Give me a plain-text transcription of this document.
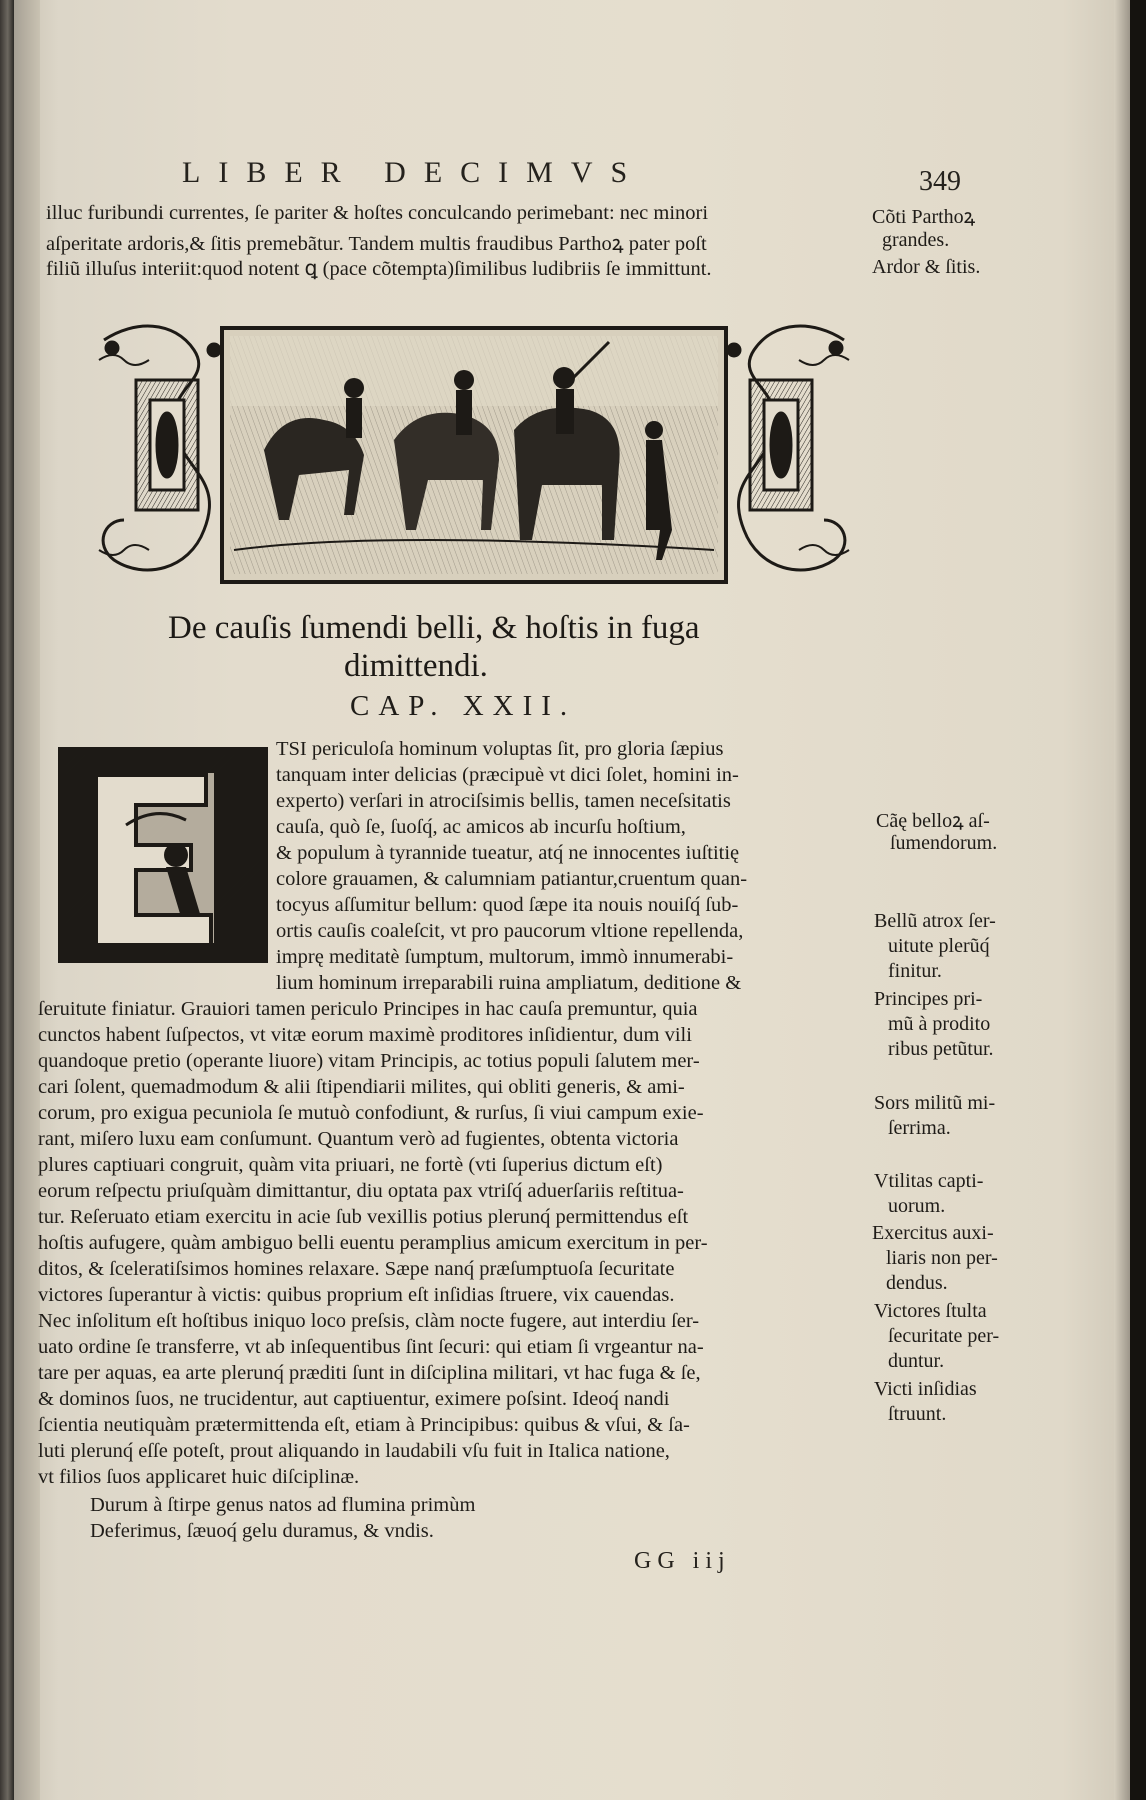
LIBER DECIMVS	349
illuc furibundi currentes, ſe pariter & hoſtes conculcando perimebant: nec minori
aſperitate ardoris,& ſitis premebãtur. Tandem multis fraudibus Parthoꝝ pater poſt
filiũ illuſus interiit:quod notent ꝗ (pace cõtempta)ſimilibus ludibriis ſe immittunt.
Cõti Parthoꝝ
grandes.
Ardor & ſitis.
De cauſis ſumendi belli, & hoſtis in fuga
dimittendi.
CAP. XXII.
TSI periculoſa hominum voluptas ſit, pro gloria ſæpius
tanquam inter delicias (præcipuè vt dici ſolet, homini in-
experto) verſari in atrociſsimis bellis, tamen neceſsitatis
cauſa, quò ſe, ſuoſq́, ac amicos ab incurſu hoſtium,
& populum à tyrannide tueatur, atq́ ne innocentes iuſtitię
colore grauamen, & calumniam patiantur,cruentum quan-
tocyus aſſumitur bellum: quod ſæpe ita nouis nouiſq́ ſub-
ortis cauſis coaleſcit, vt pro paucorum vltione repellenda,
imprę meditatè ſumptum, multorum, immò innumerabi-
lium hominum irreparabili ruina ampliatum, deditione &
ſeruitute finiatur. Grauiori tamen periculo Principes in hac cauſa premuntur, quia
cunctos habent ſuſpectos, vt vitæ eorum maximè proditores inſidientur, dum vili
quandoque pretio (operante liuore) vitam Principis, ac totius populi ſalutem mer-
cari ſolent, quemadmodum & alii ſtipendiarii milites, qui obliti generis, & ami-
corum, pro exigua pecuniola ſe mutuò confodiunt, & rurſus, ſi viui campum exie-
rant, miſero luxu eam conſumunt. Quantum verò ad fugientes, obtenta victoria
plures captiuari congruit, quàm vita priuari, ne fortè (vti ſuperius dictum eſt)
eorum reſpectu priuſquàm dimittantur, diu optata pax vtriſq́ aduerſariis reſtitua-
tur. Reſeruato etiam exercitu in acie ſub vexillis potius plerunq́ permittendus eſt
hoſtis aufugere, quàm ambiguo belli euentu peramplius amicum exercitum in per-
ditos, & ſceleratiſsimos homines relaxare. Sæpe nanq́ præſumptuoſa ſecuritate
victores ſuperantur à victis: quibus proprium eſt inſidias ſtruere, vix cauendas.
Nec inſolitum eſt hoſtibus iniquo loco preſsis, clàm nocte fugere, aut interdiu ſer-
uato ordine ſe transferre, vt ab inſequentibus ſint ſecuri: qui etiam ſi vrgeantur na-
tare per aquas, ea arte plerunq́ præditi ſunt in diſciplina militari, vt hac fuga & ſe,
& dominos ſuos, ne trucidentur, aut captiuentur, eximere poſsint. Ideoq́ nandi
ſcientia neutiquàm prætermittenda eſt, etiam à Principibus: quibus & vſui, & ſa-
luti plerunq́ eſſe poteſt, prout aliquando in laudabili vſu fuit in Italica natione,
vt filios ſuos applicaret huic diſciplinæ.
Durum à ſtirpe genus natos ad flumina primùm
Deferimus, ſæuoq́ gelu duramus, & vndis.
GG iij
Cãę belloꝝ aſ-
ſumendorum.
Bellũ atrox ſer-
uitute plerũq́
finitur.
Principes pri-
mũ à prodito
ribus petũtur.
Sors militũ mi-
ſerrima.
Vtilitas capti-
uorum.
Exercitus auxi-
liaris non per-
dendus.
Victores ſtulta
ſecuritate per-
duntur.
Victi inſidias
ſtruunt.
